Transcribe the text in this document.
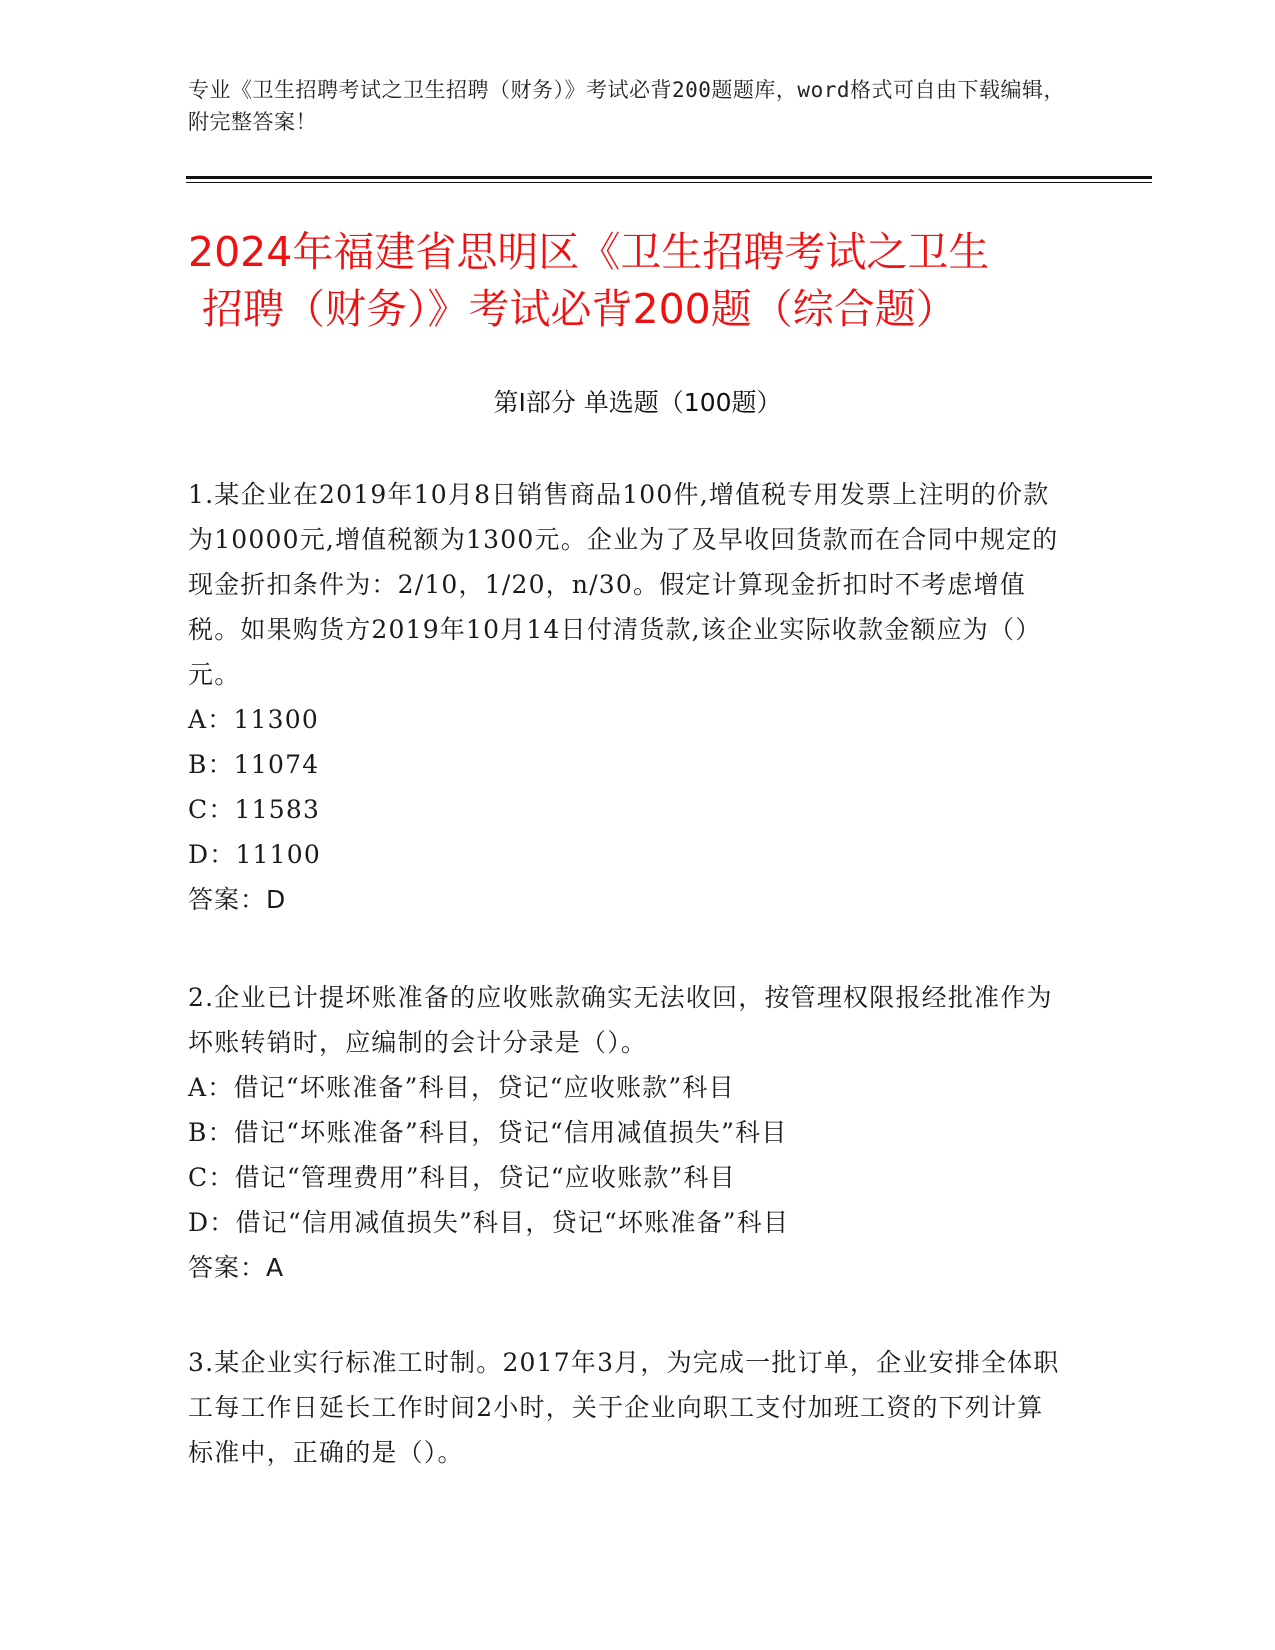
专业《卫生招聘考试之卫生招聘（财务）》考试必背200题题库，word格式可自由下载编辑，附完整答案！
2024年福建省思明区《卫生招聘考试之卫生
招聘（财务）》考试必背200题（综合题）
第Ⅰ部分 单选题（100题）
1.某企业在2019年10月8日销售商品100件,增值税专用发票上注明的价款为10000元,增值税额为1300元。企业为了及早收回货款而在合同中规定的现金折扣条件为：2/10，1/20，n/30。假定计算现金折扣时不考虑增值税。如果购货方2019年10月14日付清货款,该企业实际收款金额应为（）元。
A：11300
B：11074
C：11583
D：11100
答案：D
2.企业已计提坏账准备的应收账款确实无法收回，按管理权限报经批准作为坏账转销时，应编制的会计分录是（）。
A：借记“坏账准备”科目，贷记“应收账款”科目
B：借记“坏账准备”科目，贷记“信用减值损失”科目
C：借记“管理费用”科目，贷记“应收账款”科目
D：借记“信用减值损失”科目，贷记“坏账准备”科目
答案：A
3.某企业实行标准工时制。2017年3月，为完成一批订单，企业安排全体职工每工作日延长工作时间2小时，关于企业向职工支付加班工资的下列计算标准中，正确的是（）。
